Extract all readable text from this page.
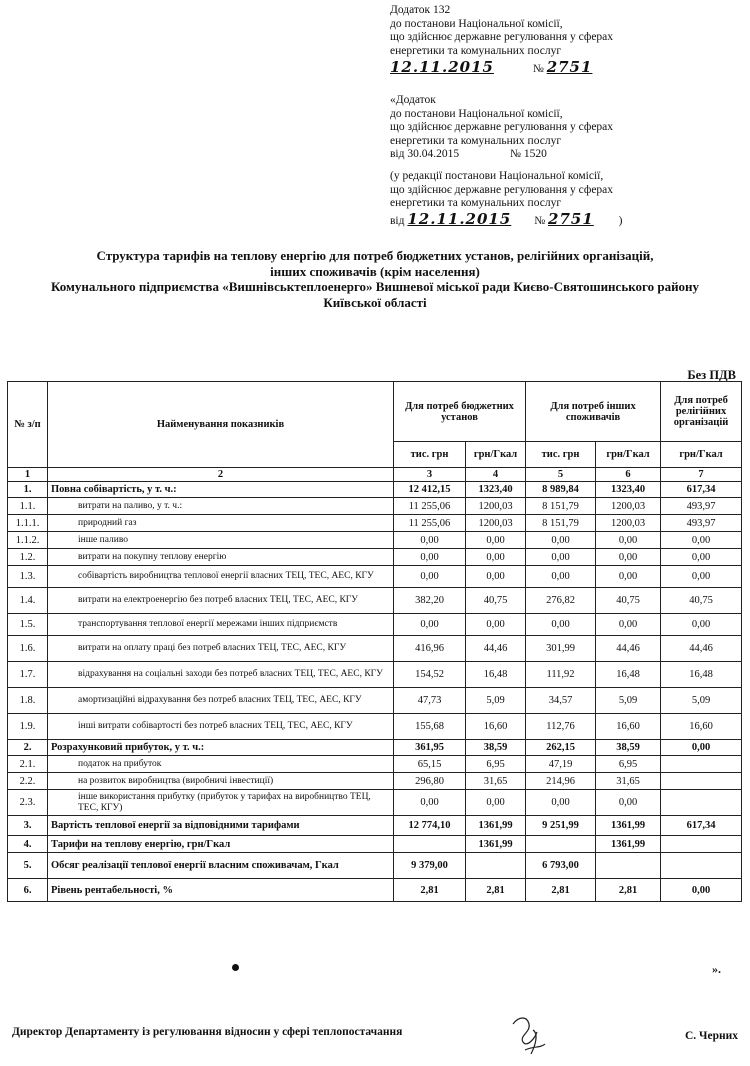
Додаток 132
до постанови Національної комісії,
що здійснює державне регулювання у сферах
енергетики та комунальних послуг
12.11.2015	№ 2751
«Додаток
до постанови Національної комісії,
що здійснює державне регулювання у сферах
енергетики та комунальних послуг
від 30.04.2015	№ 1520
(у редакції постанови Національної комісії,
що здійснює державне регулювання у сферах
енергетики та комунальних послуг
від 12.11.2015 № 2751 )
Структура тарифів на теплову енергію для потреб бюджетних установ, релігійних організацій,
інших споживачів (крім населення)
Комунального підприємства «Вишнівськтеплоенерго» Вишневої міської ради Києво-Святошинського району
Київської області
Без ПДВ
№ з/п	Найменування показників	Для потреб бюджетних установ		Для потреб інших споживачів		Для потреб релігійних організацій
		тис. грн	грн/Гкал	тис. грн	грн/Гкал	грн/Гкал
1	2	3	4	5	6	7
1.	Повна собівартість, у т. ч.:	12 412,15	1323,40	8 989,84	1323,40	617,34
1.1.	витрати на паливо, у т. ч.:	11 255,06	1200,03	8 151,79	1200,03	493,97
1.1.1.	природний газ	11 255,06	1200,03	8 151,79	1200,03	493,97
1.1.2.	інше паливо	0,00	0,00	0,00	0,00	0,00
1.2.	витрати на покупну теплову енергію	0,00	0,00	0,00	0,00	0,00
1.3.	собівартість виробництва теплової енергії власних ТЕЦ, ТЕС, АЕС, КГУ	0,00	0,00	0,00	0,00	0,00
1.4.	витрати на електроенергію без потреб власних ТЕЦ, ТЕС, АЕС, КГУ	382,20	40,75	276,82	40,75	40,75
1.5.	транспортування теплової енергії мережами інших підприємств	0,00	0,00	0,00	0,00	0,00
1.6.	витрати на оплату праці без потреб власних ТЕЦ, ТЕС, АЕС, КГУ	416,96	44,46	301,99	44,46	44,46
1.7.	відрахування на соціальні заходи без потреб власних ТЕЦ, ТЕС, АЕС, КГУ	154,52	16,48	111,92	16,48	16,48
1.8.	амортизаційні відрахування без потреб власних ТЕЦ, ТЕС, АЕС, КГУ	47,73	5,09	34,57	5,09	5,09
1.9.	інші витрати собівартості без потреб власних ТЕЦ, ТЕС, АЕС, КГУ	155,68	16,60	112,76	16,60	16,60
2.	Розрахунковий прибуток, у т. ч.:	361,95	38,59	262,15	38,59	0,00
2.1.	податок на прибуток	65,15	6,95	47,19	6,95	
2.2.	на розвиток виробництва (виробничі інвестиції)	296,80	31,65	214,96	31,65	
2.3.	інше використання прибутку (прибуток у тарифах на виробництво ТЕЦ, ТЕС, КГУ)	0,00	0,00	0,00	0,00	
3.	Вартість теплової енергії за відповідними тарифами	12 774,10	1361,99	9 251,99	1361,99	617,34
4.	Тарифи на теплову енергію, грн/Гкал		1361,99		1361,99	
5.	Обсяг реалізації теплової енергії власним споживачам, Гкал	9 379,00		6 793,00		
6.	Рівень рентабельності, %	2,81	2,81	2,81	2,81	0,00
».
Директор Департаменту із регулювання відносин у сфері теплопостачання	С. Черних
